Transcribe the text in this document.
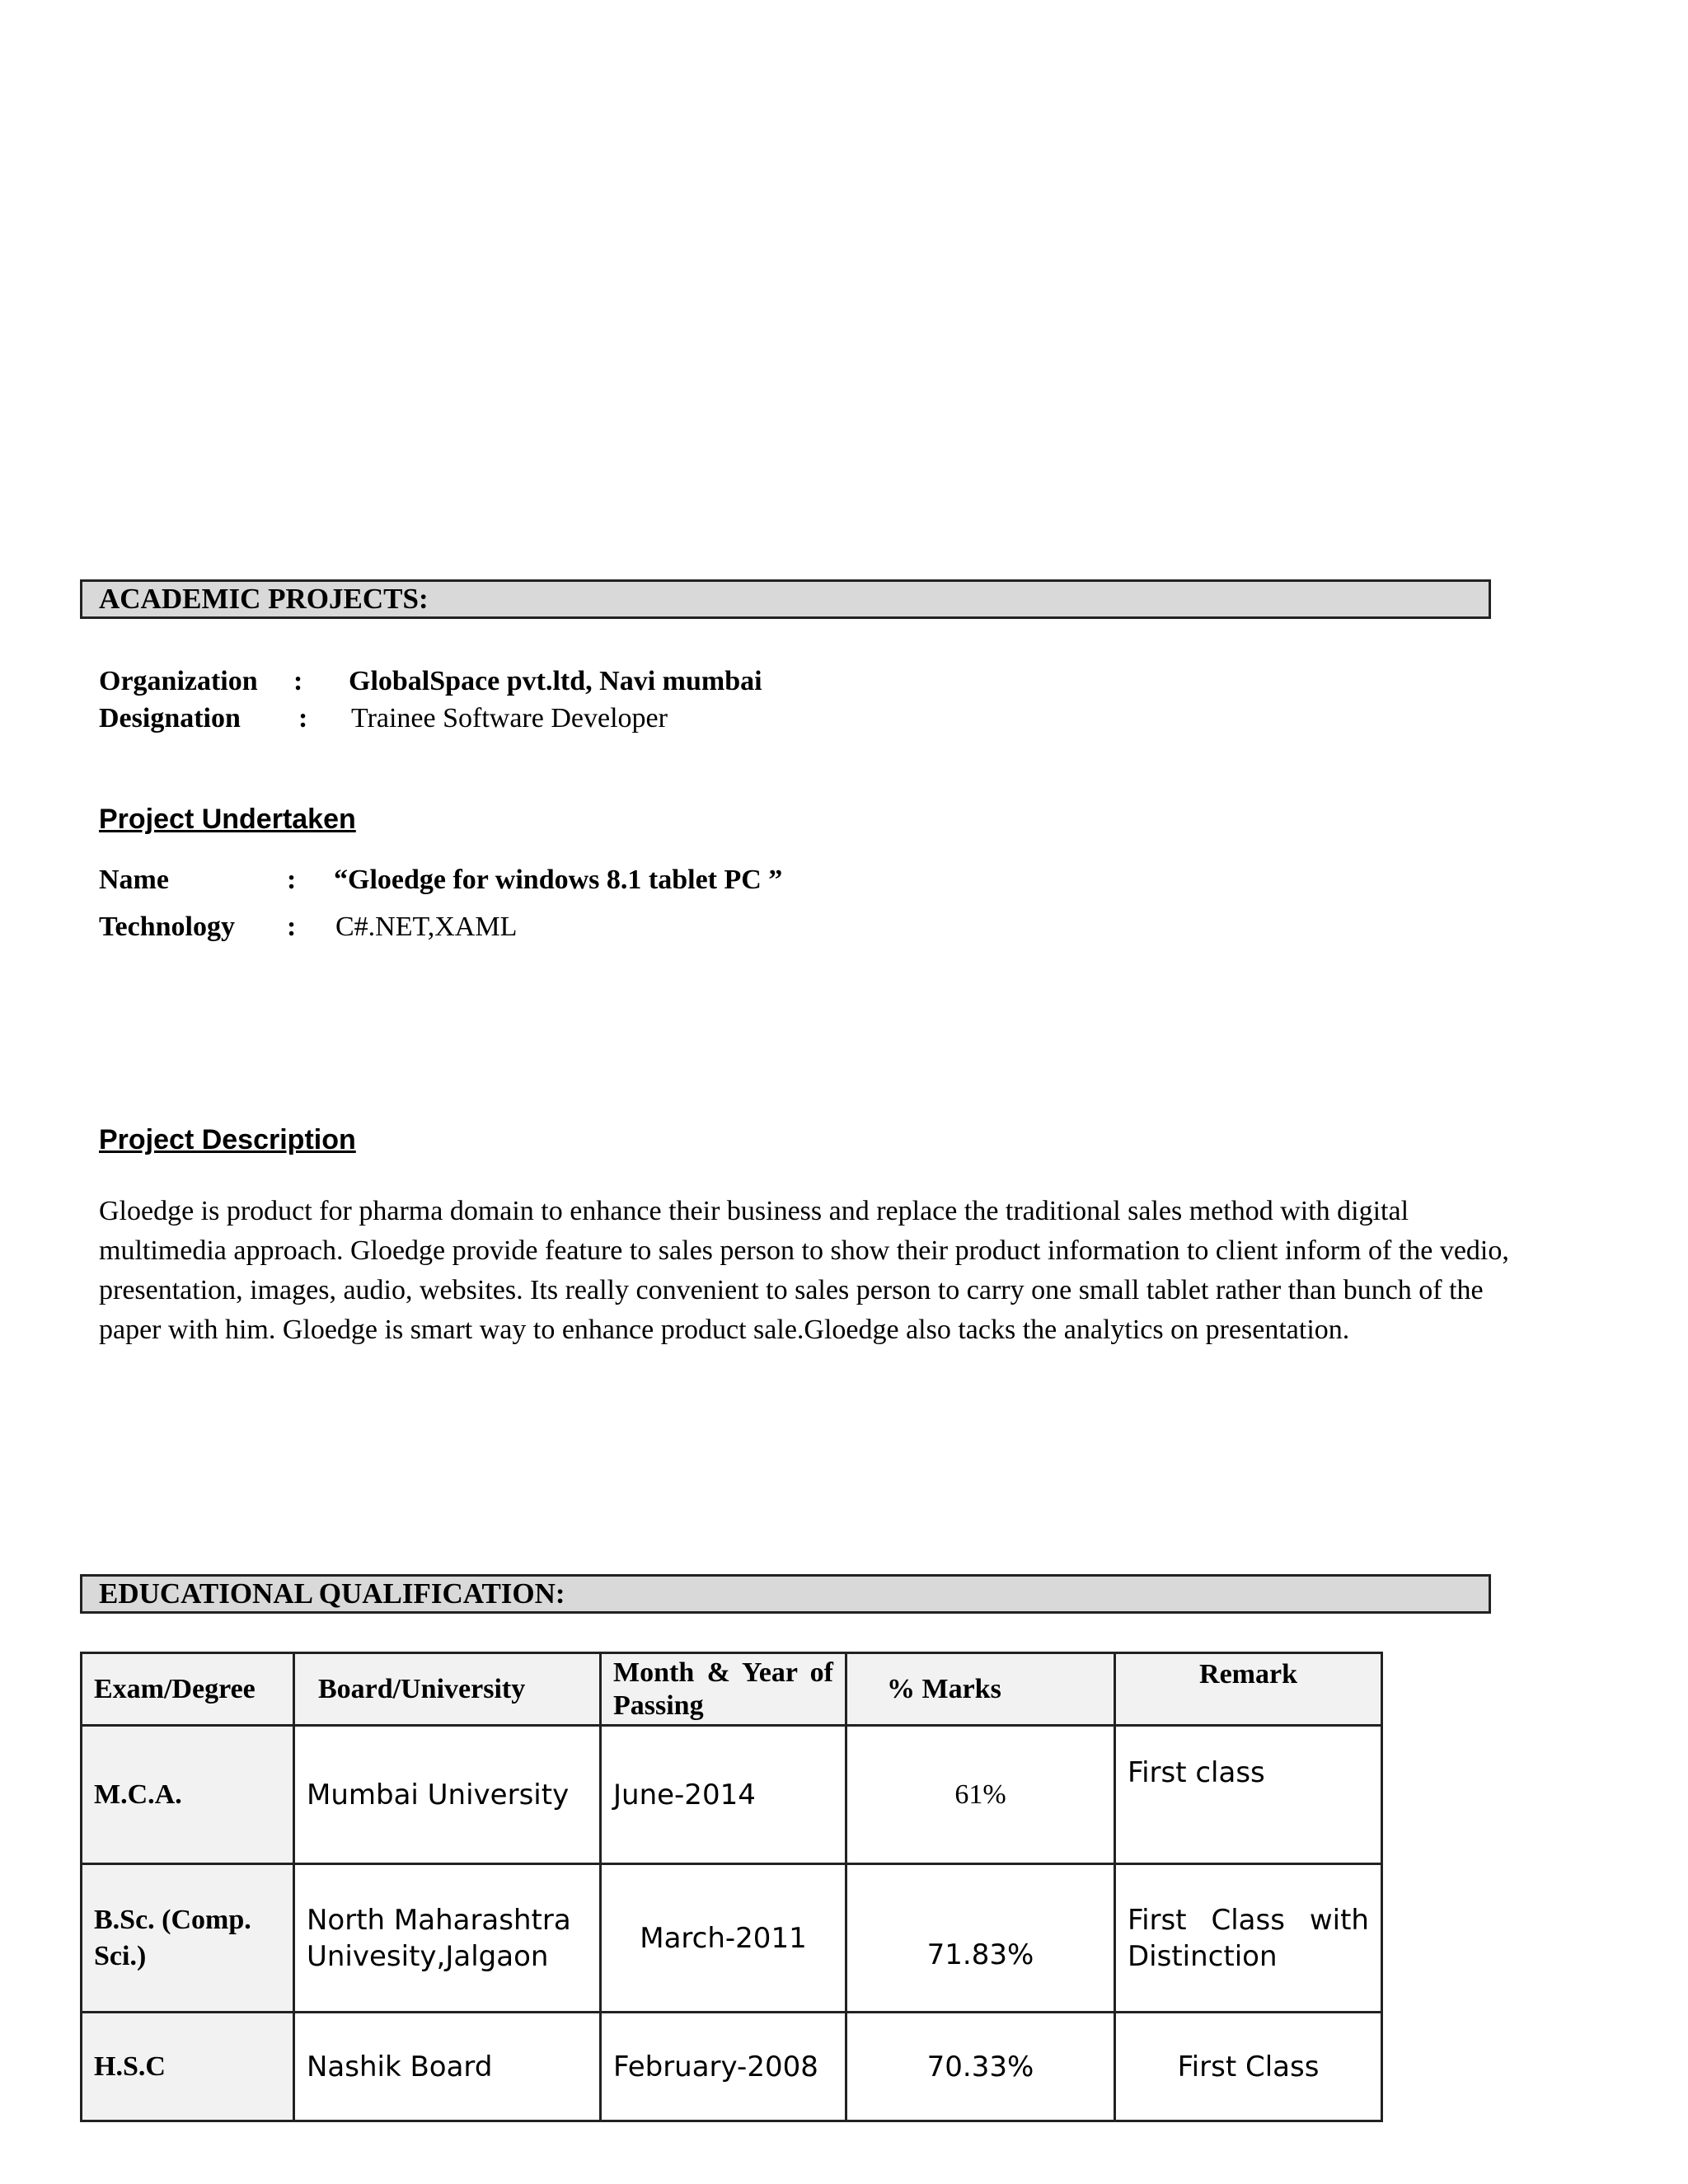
ACADEMIC PROJECTS:
Organization : GlobalSpace pvt.ltd, Navi mumbai
Designation : Trainee Software Developer
Project Undertaken
Name	: “Gloedge for windows 8.1 tablet PC ”
Technology : C#.NET,XAML
Project Description
Gloedge is product for pharma domain to enhance their business and replace the traditional sales method with digital multimedia approach. Gloedge provide feature to sales person to show their product information to client inform of the vedio, presentation, images, audio, websites. Its really convenient to sales person to carry one small tablet rather than bunch of the paper with him. Gloedge is smart way to enhance product sale.Gloedge also tacks the analytics on presentation.
EDUCATIONAL QUALIFICATION:
Exam/Degree	Board/University	Month & Year of Passing	% Marks	Remark
M.C.A.	Mumbai University	June-2014	61%	First class
B.Sc. (Comp. Sci.)	North Maharashtra Univesity,Jalgaon	March-2011	71.83%	First Class with Distinction
H.S.C	Nashik Board	February-2008	70.33%	First Class
